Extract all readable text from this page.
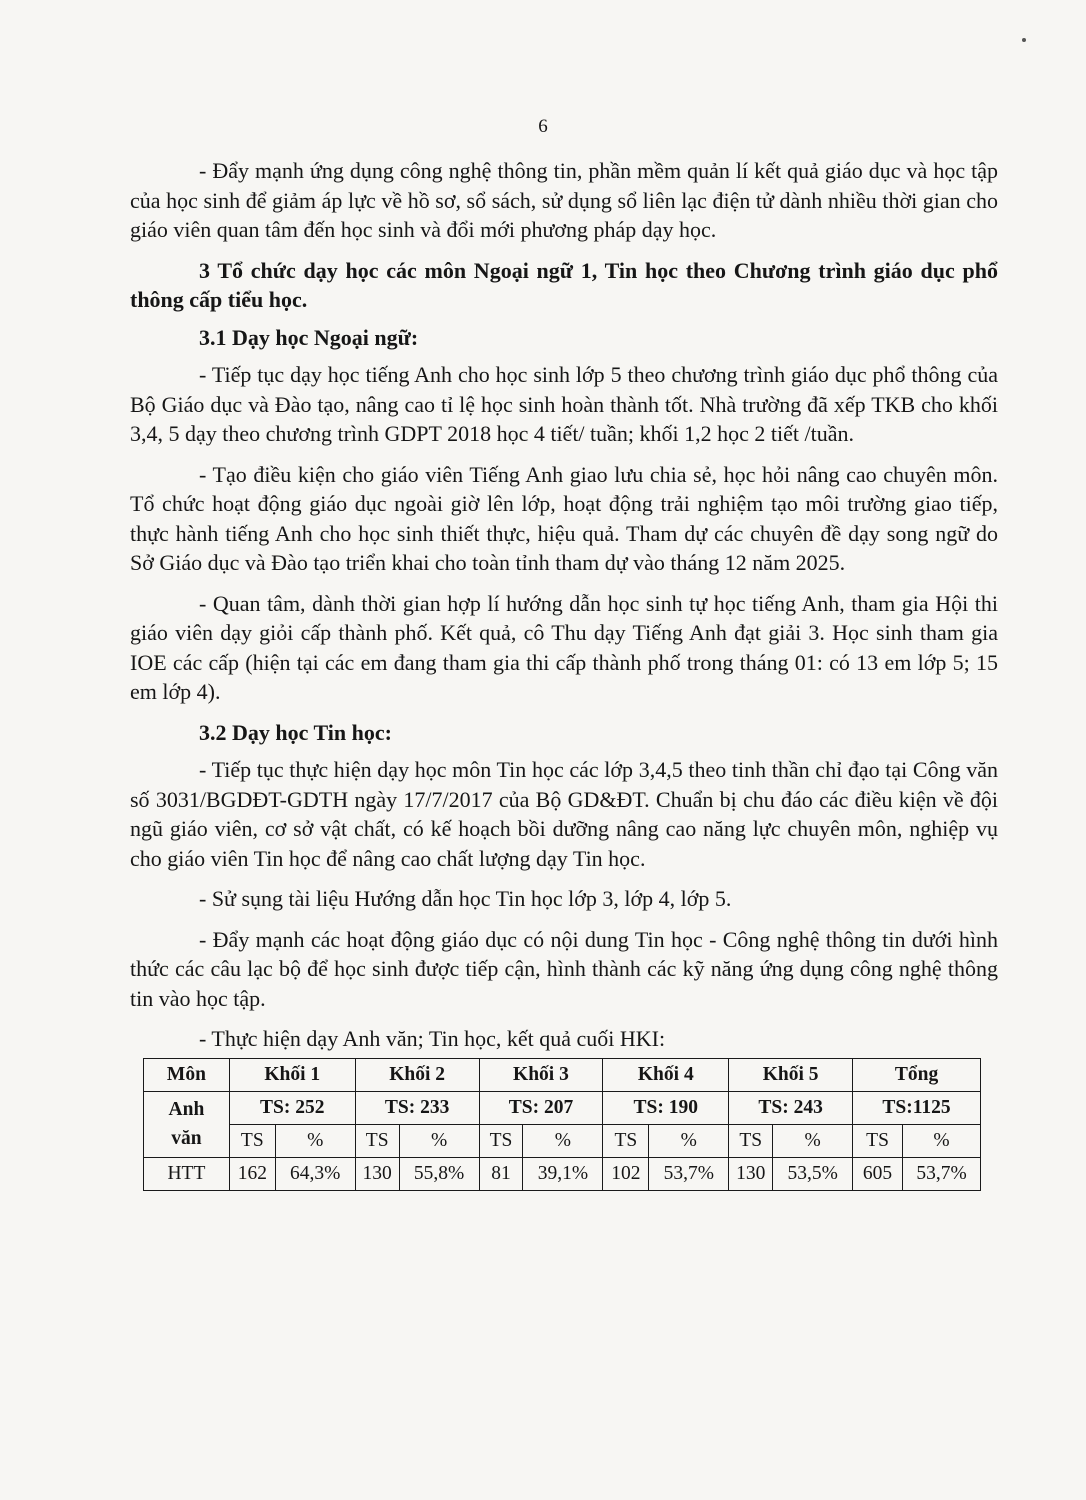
6

- Đẩy mạnh ứng dụng công nghệ thông tin, phần mềm quản lí kết quả giáo dục và học tập của học sinh để giảm áp lực về hồ sơ, sổ sách, sử dụng sổ liên lạc điện tử dành nhiều thời gian cho giáo viên quan tâm đến học sinh và đổi mới phương pháp dạy học.

3 Tổ chức dạy học các môn Ngoại ngữ 1, Tin học theo Chương trình giáo dục phổ thông cấp tiểu học.

3.1 Dạy học Ngoại ngữ:

- Tiếp tục dạy học tiếng Anh cho học sinh lớp 5 theo chương trình giáo dục phổ thông của Bộ Giáo dục và Đào tạo, nâng cao tỉ lệ học sinh hoàn thành tốt. Nhà trường đã xếp TKB cho khối 3,4, 5 dạy theo chương trình GDPT 2018 học 4 tiết/ tuần; khối 1,2 học 2 tiết /tuần.

- Tạo điều kiện cho giáo viên Tiếng Anh giao lưu chia sẻ, học hỏi nâng cao chuyên môn. Tổ chức hoạt động giáo dục ngoài giờ lên lớp, hoạt động trải nghiệm tạo môi trường giao tiếp, thực hành tiếng Anh cho học sinh thiết thực, hiệu quả. Tham dự các chuyên đề dạy song ngữ do Sở Giáo dục và Đào tạo triển khai cho toàn tỉnh tham dự vào tháng 12 năm 2025.

- Quan tâm, dành thời gian hợp lí hướng dẫn học sinh tự học tiếng Anh, tham gia Hội thi giáo viên dạy giỏi cấp thành phố. Kết quả, cô Thu dạy Tiếng Anh đạt giải 3. Học sinh tham gia IOE các cấp (hiện tại các em đang tham gia thi cấp thành phố trong tháng 01: có 13 em lớp 5; 15 em lớp 4).

3.2 Dạy học Tin học:

- Tiếp tục thực hiện dạy học môn Tin học các lớp 3,4,5 theo tinh thần chỉ đạo tại Công văn số 3031/BGDĐT-GDTH ngày 17/7/2017 của Bộ GD&ĐT. Chuẩn bị chu đáo các điều kiện về đội ngũ giáo viên, cơ sở vật chất, có kế hoạch bồi dưỡng nâng cao năng lực chuyên môn, nghiệp vụ cho giáo viên Tin học để nâng cao chất lượng dạy Tin học.

- Sử sụng tài liệu Hướng dẫn học Tin học lớp 3, lớp 4, lớp 5.

- Đẩy mạnh các hoạt động giáo dục có nội dung Tin học - Công nghệ thông tin dưới hình thức các câu lạc bộ để học sinh được tiếp cận, hình thành các kỹ năng ứng dụng công nghệ thông tin vào học tập.

- Thực hiện dạy Anh văn; Tin học, kết quả cuối HKI:

Môn	Khối 1		Khối 2		Khối 3		Khối 4		Khối 5		Tổng	
Anh
văn	TS: 252		TS: 233		TS: 207		TS: 190		TS: 243		TS:1125	
	TS	%	TS	%	TS	%	TS	%	TS	%	TS	%
HTT	162	64,3%	130	55,8%	81	39,1%	102	53,7%	130	53,5%	605	53,7%
